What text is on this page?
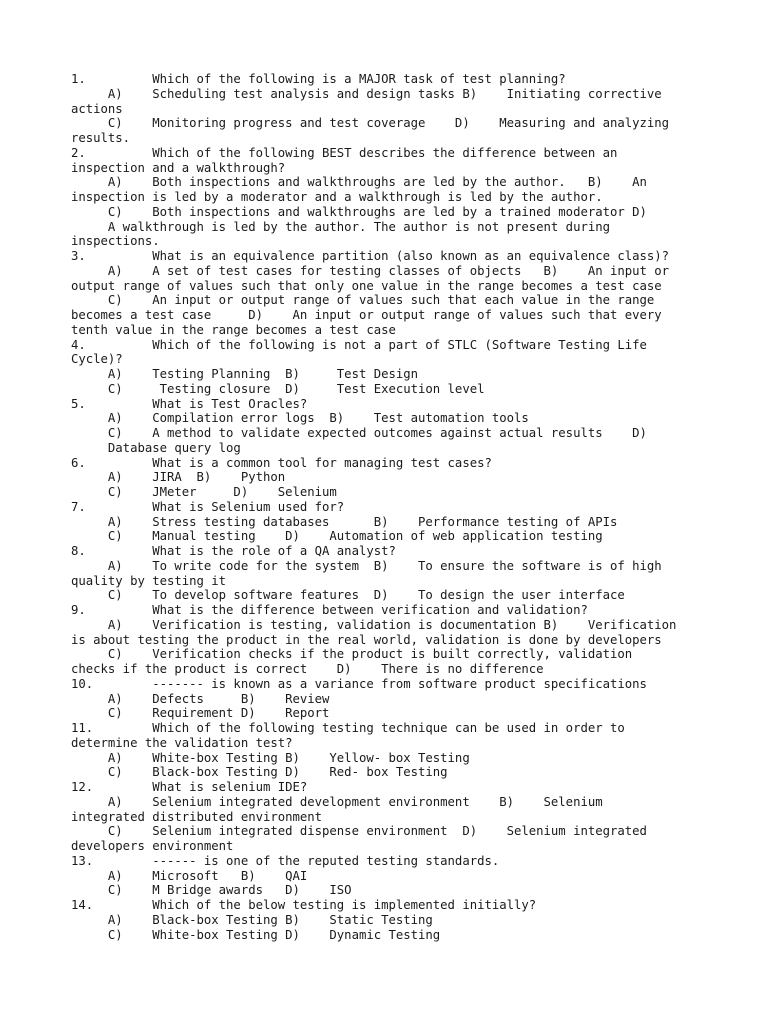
1.         Which of the following is a MAJOR task of test planning?
A)    Scheduling test analysis and design tasks B)    Initiating corrective
actions
C)    Monitoring progress and test coverage    D)    Measuring and analyzing
results.
2.         Which of the following BEST describes the difference between an
inspection and a walkthrough?
A)    Both inspections and walkthroughs are led by the author.   B)    An
inspection is led by a moderator and a walkthrough is led by the author.
C)    Both inspections and walkthroughs are led by a trained moderator D)
A walkthrough is led by the author. The author is not present during
inspections.
3.         What is an equivalence partition (also known as an equivalence class)?
A)    A set of test cases for testing classes of objects   B)    An input or
output range of values such that only one value in the range becomes a test case
C)    An input or output range of values such that each value in the range
becomes a test case     D)    An input or output range of values such that every
tenth value in the range becomes a test case
4.         Which of the following is not a part of STLC (Software Testing Life
Cycle)?
A)    Testing Planning  B)     Test Design
C)     Testing closure  D)     Test Execution level
5.         What is Test Oracles?
A)    Compilation error logs  B)    Test automation tools
C)    A method to validate expected outcomes against actual results    D)
Database query log
6.         What is a common tool for managing test cases?
A)    JIRA  B)    Python
C)    JMeter     D)    Selenium
7.         What is Selenium used for?
A)    Stress testing databases      B)    Performance testing of APIs
C)    Manual testing    D)    Automation of web application testing
8.         What is the role of a QA analyst?
A)    To write code for the system  B)    To ensure the software is of high
quality by testing it
C)    To develop software features  D)    To design the user interface
9.         What is the difference between verification and validation?
A)    Verification is testing, validation is documentation B)    Verification
is about testing the product in the real world, validation is done by developers
C)    Verification checks if the product is built correctly, validation
checks if the product is correct    D)    There is no difference
10.        ------- is known as a variance from software product specifications
A)    Defects     B)    Review
C)    Requirement D)    Report
11.        Which of the following testing technique can be used in order to
determine the validation test?
A)    White-box Testing B)    Yellow- box Testing
C)    Black-box Testing D)    Red- box Testing
12.        What is selenium IDE?
A)    Selenium integrated development environment    B)    Selenium
integrated distributed environment
C)    Selenium integrated dispense environment  D)    Selenium integrated
developers environment
13.        ------ is one of the reputed testing standards.
A)    Microsoft   B)    QAI
C)    M Bridge awards   D)    ISO
14.        Which of the below testing is implemented initially?
A)    Black-box Testing B)    Static Testing
C)    White-box Testing D)    Dynamic Testing
